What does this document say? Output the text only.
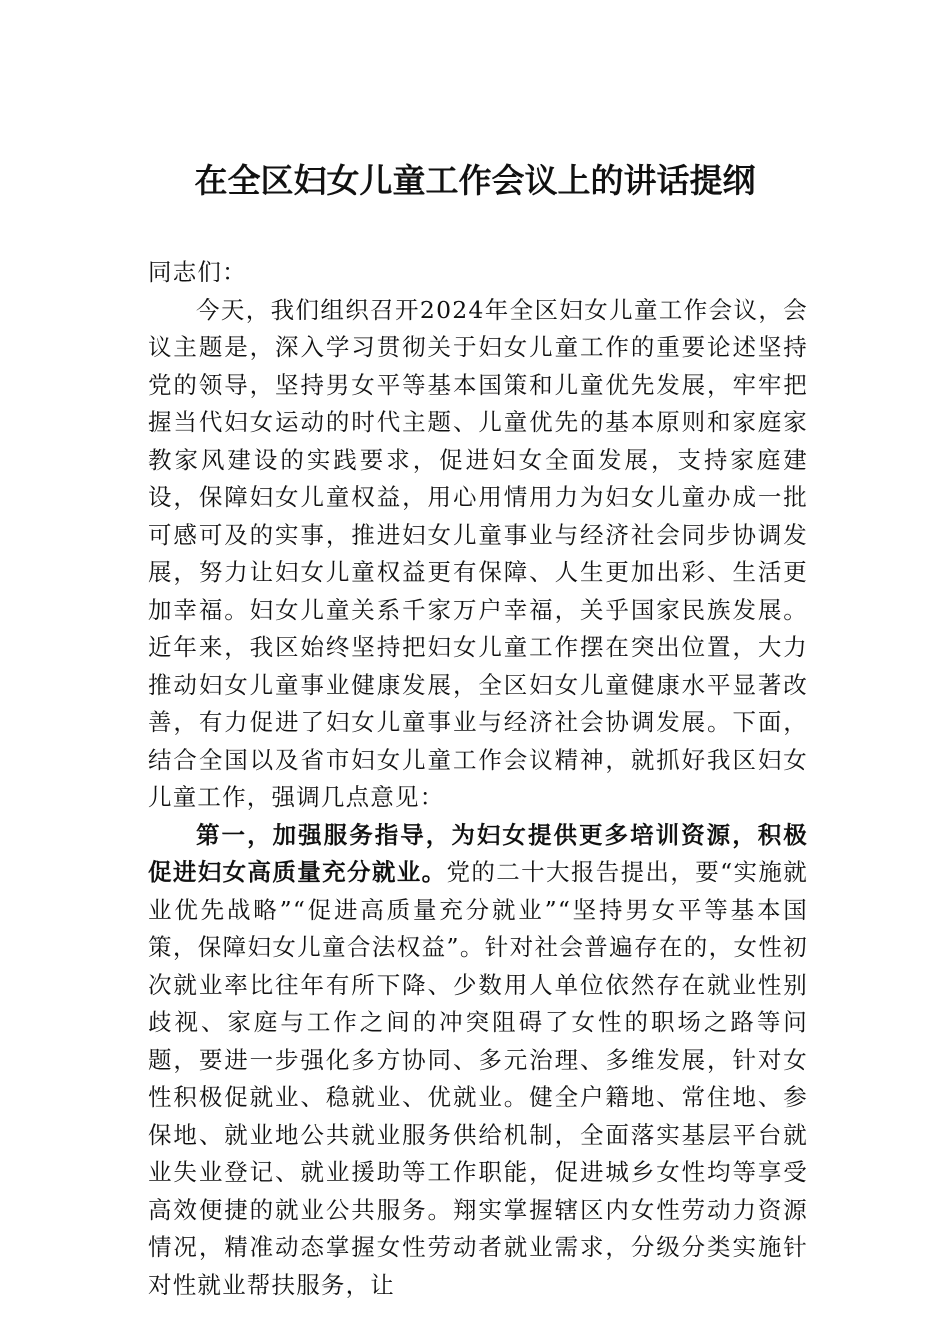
在全区妇女儿童工作会议上的讲话提纲

同志们：

今天，我们组织召开2024年全区妇女儿童工作会议，会议主题是，深入学习贯彻关于妇女儿童工作的重要论述坚持党的领导，坚持男女平等基本国策和儿童优先发展，牢牢把握当代妇女运动的时代主题、儿童优先的基本原则和家庭家教家风建设的实践要求，促进妇女全面发展，支持家庭建设，保障妇女儿童权益，用心用情用力为妇女儿童办成一批可感可及的实事，推进妇女儿童事业与经济社会同步协调发展，努力让妇女儿童权益更有保障、人生更加出彩、生活更加幸福。妇女儿童关系千家万户幸福，关乎国家民族发展。近年来，我区始终坚持把妇女儿童工作摆在突出位置，大力推动妇女儿童事业健康发展，全区妇女儿童健康水平显著改善，有力促进了妇女儿童事业与经济社会协调发展。下面，结合全国以及省市妇女儿童工作会议精神，就抓好我区妇女儿童工作，强调几点意见：

第一，加强服务指导，为妇女提供更多培训资源，积极促进妇女高质量充分就业。党的二十大报告提出，要“实施就业优先战略”“促进高质量充分就业”“坚持男女平等基本国策，保障妇女儿童合法权益”。针对社会普遍存在的，女性初次就业率比往年有所下降、少数用人单位依然存在就业性别歧视、家庭与工作之间的冲突阻碍了女性的职场之路等问题，要进一步强化多方协同、多元治理、多维发展，针对女性积极促就业、稳就业、优就业。健全户籍地、常住地、参保地、就业地公共就业服务供给机制，全面落实基层平台就业失业登记、就业援助等工作职能，促进城乡女性均等享受高效便捷的就业公共服务。翔实掌握辖区内女性劳动力资源情况，精准动态掌握女性劳动者就业需求，分级分类实施针对性就业帮扶服务，让
